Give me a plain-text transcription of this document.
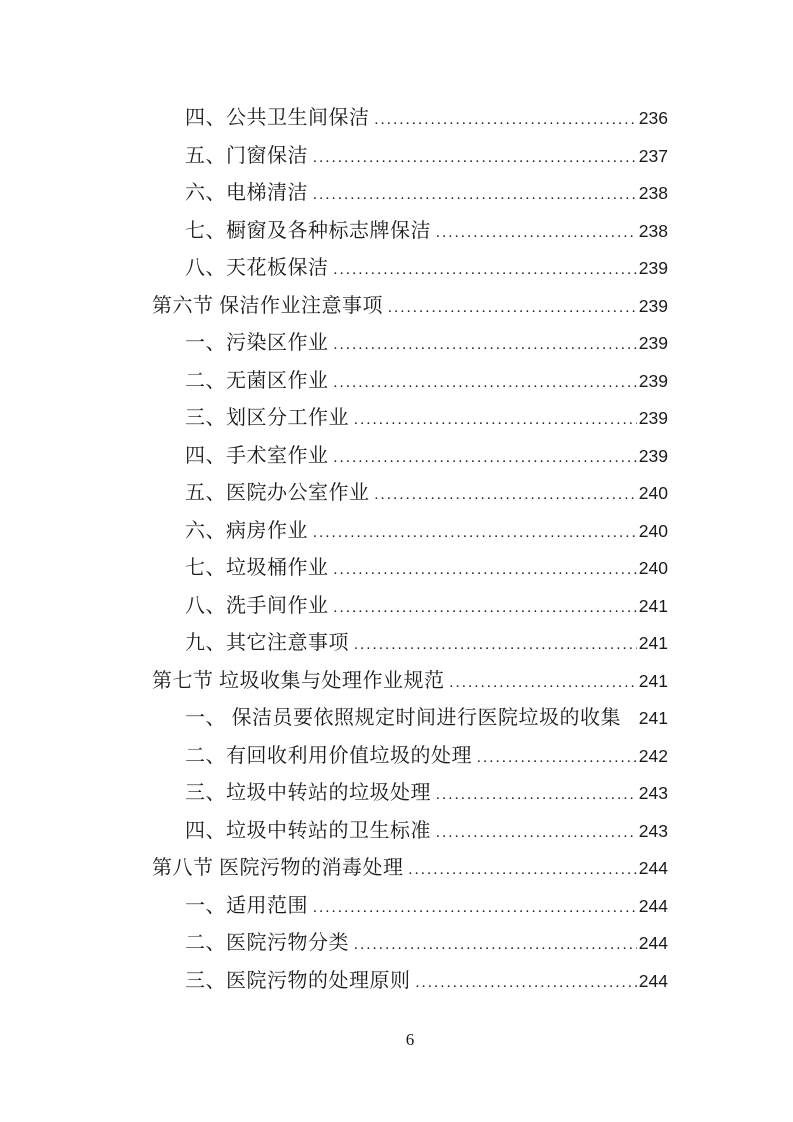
四、公共卫生间保洁 .....	236
五、门窗保洁 .....	237
六、电梯清洁 .....	238
七、橱窗及各种标志牌保洁 .....	238
八、天花板保洁 .....	239
第六节 保洁作业注意事项 .....	239
一、污染区作业 .....	239
二、无菌区作业 .....	239
三、划区分工作业 .....	239
四、手术室作业 .....	239
五、医院办公室作业 .....	240
六、病房作业 .....	240
七、垃圾桶作业 .....	240
八、洗手间作业 .....	241
九、其它注意事项 .....	241
第七节 垃圾收集与处理作业规范 .....	241
一、 保洁员要依照规定时间进行医院垃圾的收集 241
二、有回收利用价值垃圾的处理 .....	242
三、垃圾中转站的垃圾处理 .....	243
四、垃圾中转站的卫生标准 .....	243
第八节 医院污物的消毒处理 .....	244
一、适用范围 .....	244
二、医院污物分类 .....	244
三、医院污物的处理原则 .....	244
6
